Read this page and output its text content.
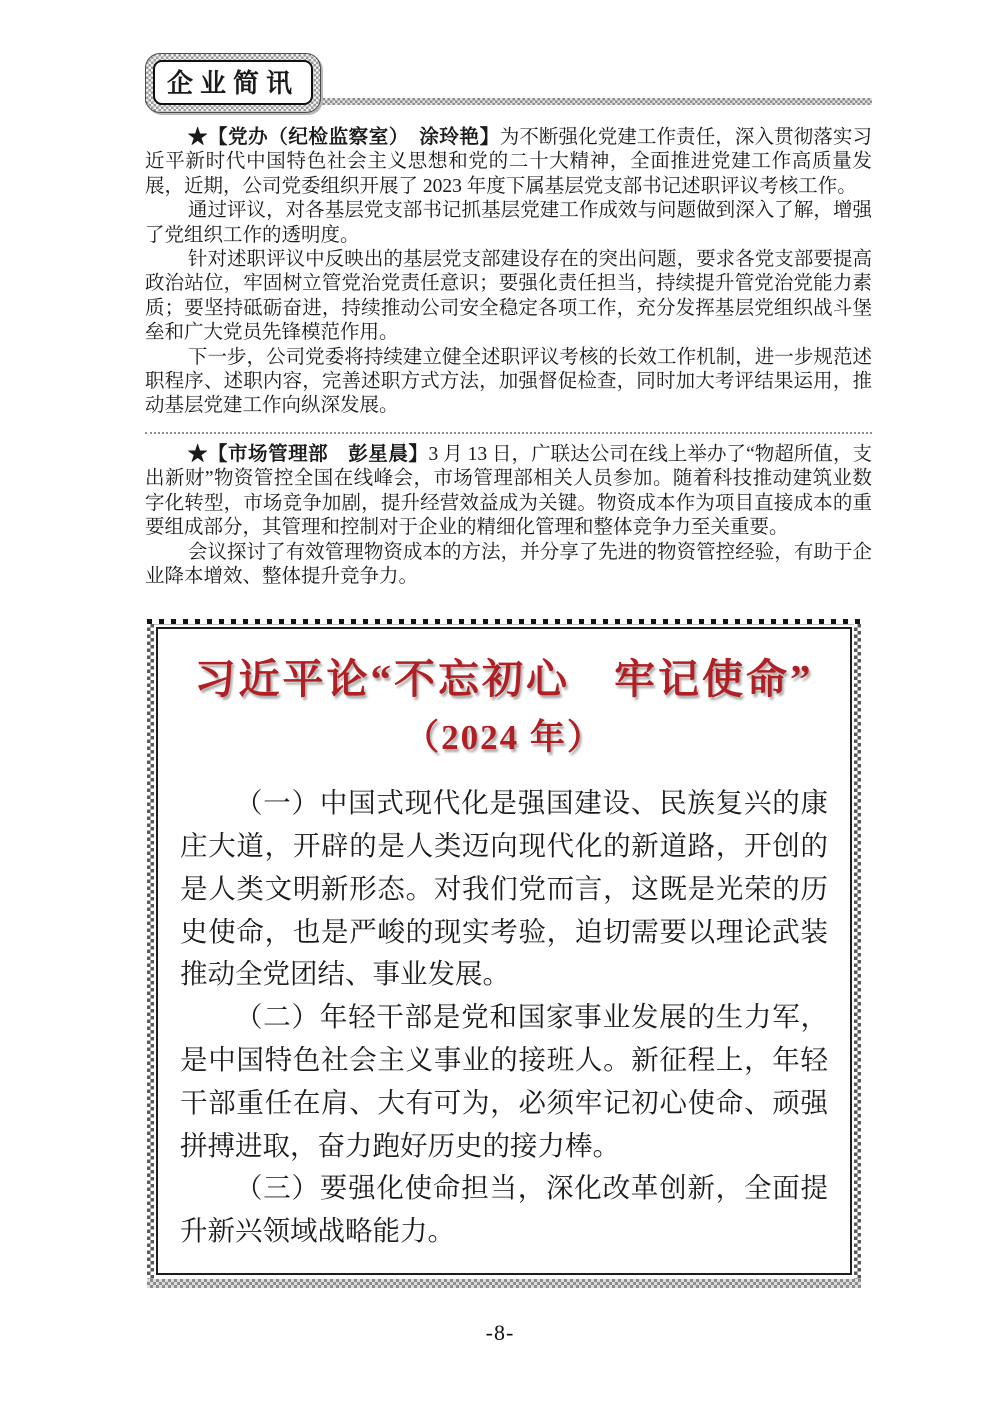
企业简讯

★【党办（纪检监察室）　涂玲艳】为不断强化党建工作责任，深入贯彻落实习近平新时代中国特色社会主义思想和党的二十大精神，全面推进党建工作高质量发展，近期，公司党委组织开展了 2023 年度下属基层党支部书记述职评议考核工作。

通过评议，对各基层党支部书记抓基层党建工作成效与问题做到深入了解，增强了党组织工作的透明度。

针对述职评议中反映出的基层党支部建设存在的突出问题，要求各党支部要提高政治站位，牢固树立管党治党责任意识；要强化责任担当，持续提升管党治党能力素质；要坚持砥砺奋进，持续推动公司安全稳定各项工作，充分发挥基层党组织战斗堡垒和广大党员先锋模范作用。

下一步，公司党委将持续建立健全述职评议考核的长效工作机制，进一步规范述职程序、述职内容，完善述职方式方法，加强督促检查，同时加大考评结果运用，推动基层党建工作向纵深发展。

★【市场管理部　彭星晨】3 月 13 日，广联达公司在线上举办了“物超所值，支出新财”物资管控全国在线峰会，市场管理部相关人员参加。随着科技推动建筑业数字化转型，市场竞争加剧，提升经营效益成为关键。物资成本作为项目直接成本的重要组成部分，其管理和控制对于企业的精细化管理和整体竞争力至关重要。

会议探讨了有效管理物资成本的方法，并分享了先进的物资管控经验，有助于企业降本增效、整体提升竞争力。

习近平论“不忘初心　牢记使命”
（2024 年）

（一）中国式现代化是强国建设、民族复兴的康庄大道，开辟的是人类迈向现代化的新道路，开创的是人类文明新形态。对我们党而言，这既是光荣的历史使命，也是严峻的现实考验，迫切需要以理论武装推动全党团结、事业发展。

（二）年轻干部是党和国家事业发展的生力军，是中国特色社会主义事业的接班人。新征程上，年轻干部重任在肩、大有可为，必须牢记初心使命、顽强拼搏进取，奋力跑好历史的接力棒。

（三）要强化使命担当，深化改革创新，全面提升新兴领域战略能力。

-8-
